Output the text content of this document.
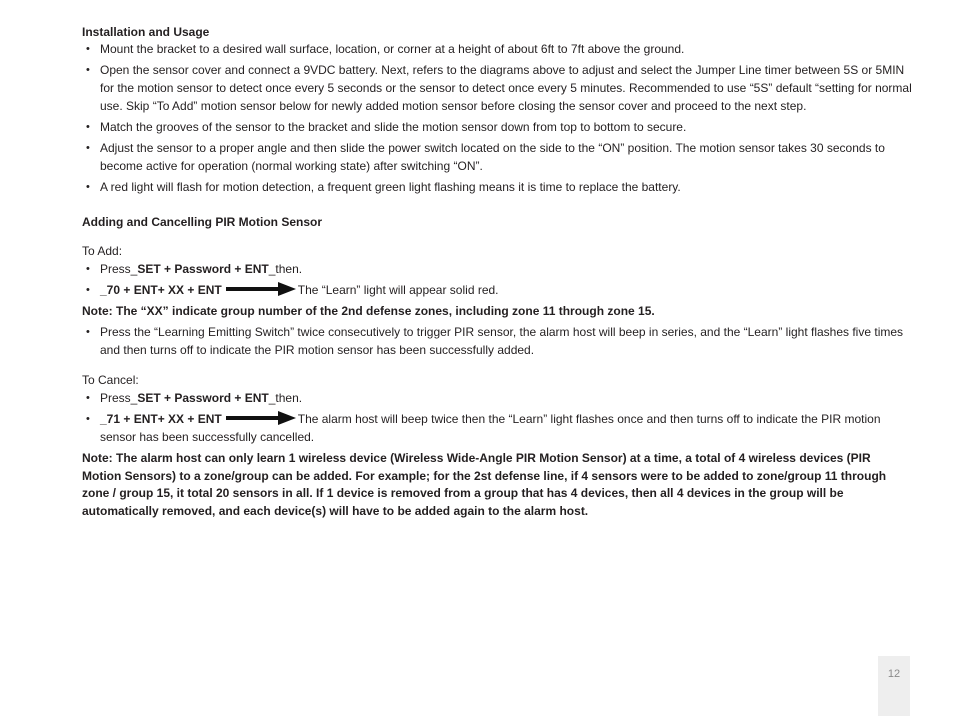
Installation and Usage
• Mount the bracket to a desired wall surface, location, or corner at a height of about 6ft to 7ft above the ground.
• Open the sensor cover and connect a 9VDC battery. Next, refers to the diagrams above to adjust and select the Jumper Line timer between 5S or 5MIN for the motion sensor to detect once every 5 seconds or the sensor to detect once every 5 minutes. Recommended to use “5S” default “setting for normal use. Skip “To Add” motion sensor below for newly added motion sensor before closing the sensor cover and proceed to the next step.
• Match the grooves of the sensor to the bracket and slide the motion sensor down from top to bottom to secure.
• Adjust the sensor to a proper angle and then slide the power switch located on the side to the “ON” position. The motion sensor takes 30 seconds to become active for operation (normal working state) after switching “ON”.
• A red light will flash for motion detection, a frequent green light flashing means it is time to replace the battery.
Adding and Cancelling PIR Motion Sensor
To Add:
• Press_SET + Password + ENT_then.
• _70 + ENT+ XX + ENT	The “Learn” light will appear solid red.
Note: The “XX” indicate group number of the 2nd defense zones, including zone 11 through zone 15.
• Press the “Learning Emitting Switch” twice consecutively to trigger PIR sensor, the alarm host will beep in series, and the “Learn” light flashes five times and then turns off to indicate the PIR motion sensor has been successfully added.
To Cancel:
• Press_SET + Password + ENT_then.
• _71 + ENT+ XX + ENT	The alarm host will beep twice then the “Learn” light flashes once and then turns off to indicate the PIR motion sensor has been successfully cancelled.
Note: The alarm host can only learn 1 wireless device (Wireless Wide-Angle PIR Motion Sensor) at a time, a total of 4 wireless devices (PIR Motion Sensors) to a zone/group can be added. For example; for the 2st defense line, if 4 sensors were to be added to zone/group 11 through zone / group 15, it total 20 sensors in all. If 1 device is removed from a group that has 4 devices, then all 4 devices in the group will be automatically removed, and each device(s) will have to be added again to the alarm host.
12
